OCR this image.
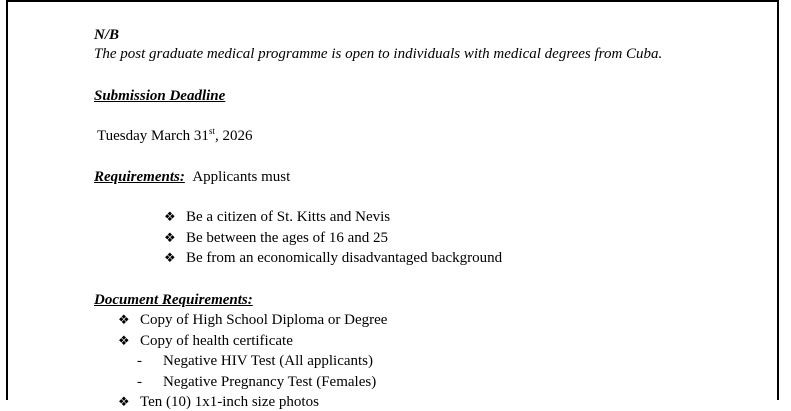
N/B
The post graduate medical programme is open to individuals with medical degrees from Cuba.
Submission Deadline
Tuesday March 31st, 2026
Requirements: Applicants must
❖ Be a citizen of St. Kitts and Nevis
❖ Be between the ages of 16 and 25
❖ Be from an economically disadvantaged background
Document Requirements:
❖ Copy of High School Diploma or Degree
❖ Copy of health certificate
- Negative HIV Test (All applicants)
- Negative Pregnancy Test (Females)
❖ Ten (10) 1x1-inch size photos
